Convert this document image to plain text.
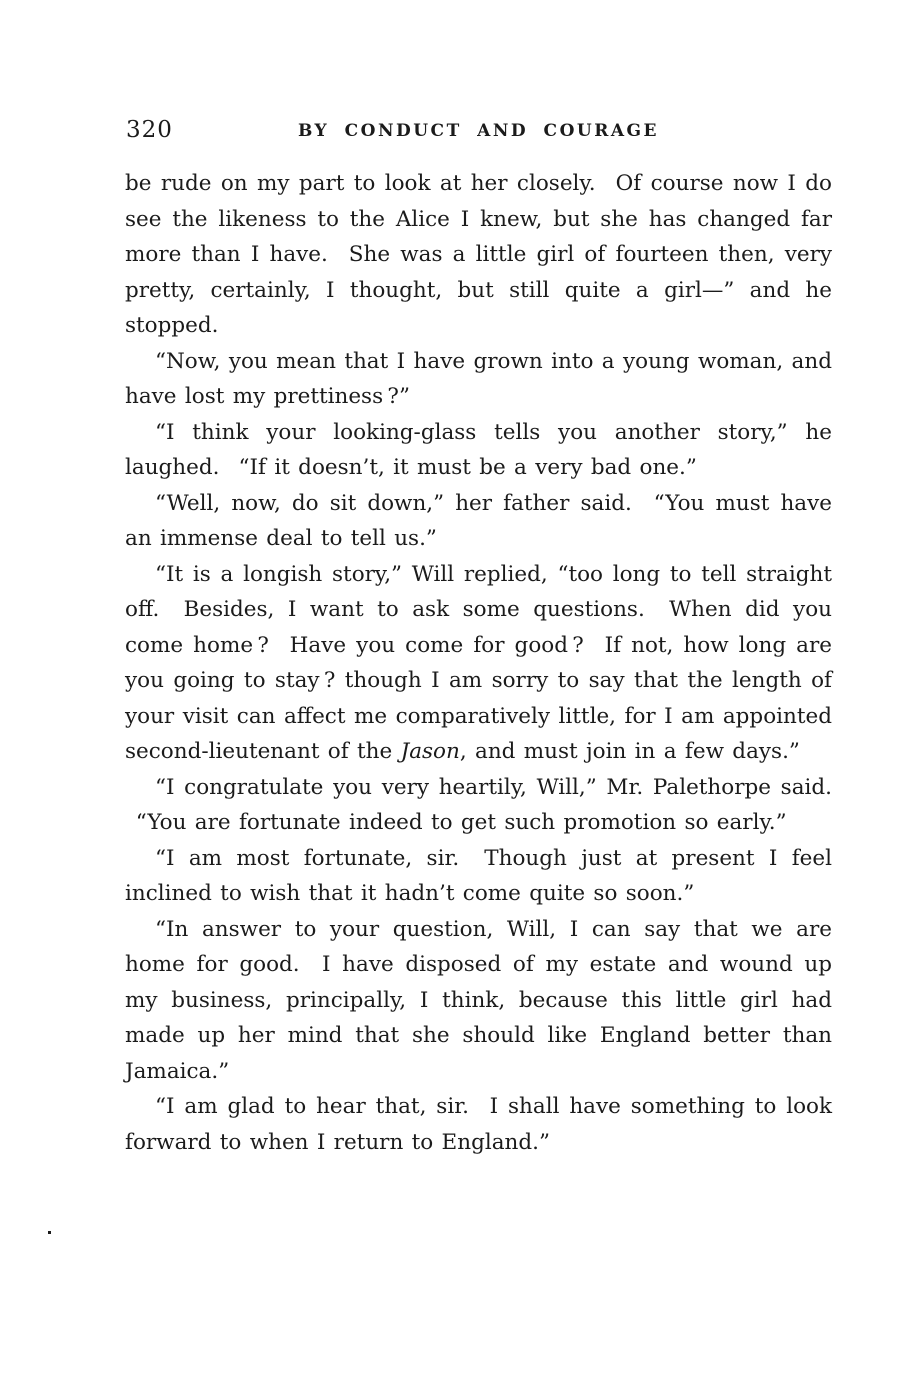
320	BY CONDUCT AND COURAGE

be rude on my part to look at her closely.  Of course now I do see the likeness to the Alice I knew, but she has changed far more than I have.  She was a little girl of fourteen then, very pretty, certainly, I thought, but still quite a girl—” and he stopped.

“Now, you mean that I have grown into a young woman, and have lost my prettiness ?”

“I think your looking-glass tells you another story,” he laughed.  “If it doesn’t, it must be a very bad one.”

“Well, now, do sit down,” her father said.  “You must have an immense deal to tell us.”

“It is a longish story,” Will replied, “too long to tell straight off.  Besides, I want to ask some questions.  When did you come home ?  Have you come for good ?  If not, how long are you going to stay ? though I am sorry to say that the length of your visit can affect me comparatively little, for I am appointed second-lieutenant of the Jason, and must join in a few days.”

“I congratulate you very heartily, Will,” Mr. Palethorpe said.  “You are fortunate indeed to get such promotion so early.”

“I am most fortunate, sir.  Though just at present I feel inclined to wish that it hadn’t come quite so soon.”

“In answer to your question, Will, I can say that we are home for good.  I have disposed of my estate and wound up my business, principally, I think, because this little girl had made up her mind that she should like England better than Jamaica.”

“I am glad to hear that, sir.  I shall have something to look forward to when I return to England.”
